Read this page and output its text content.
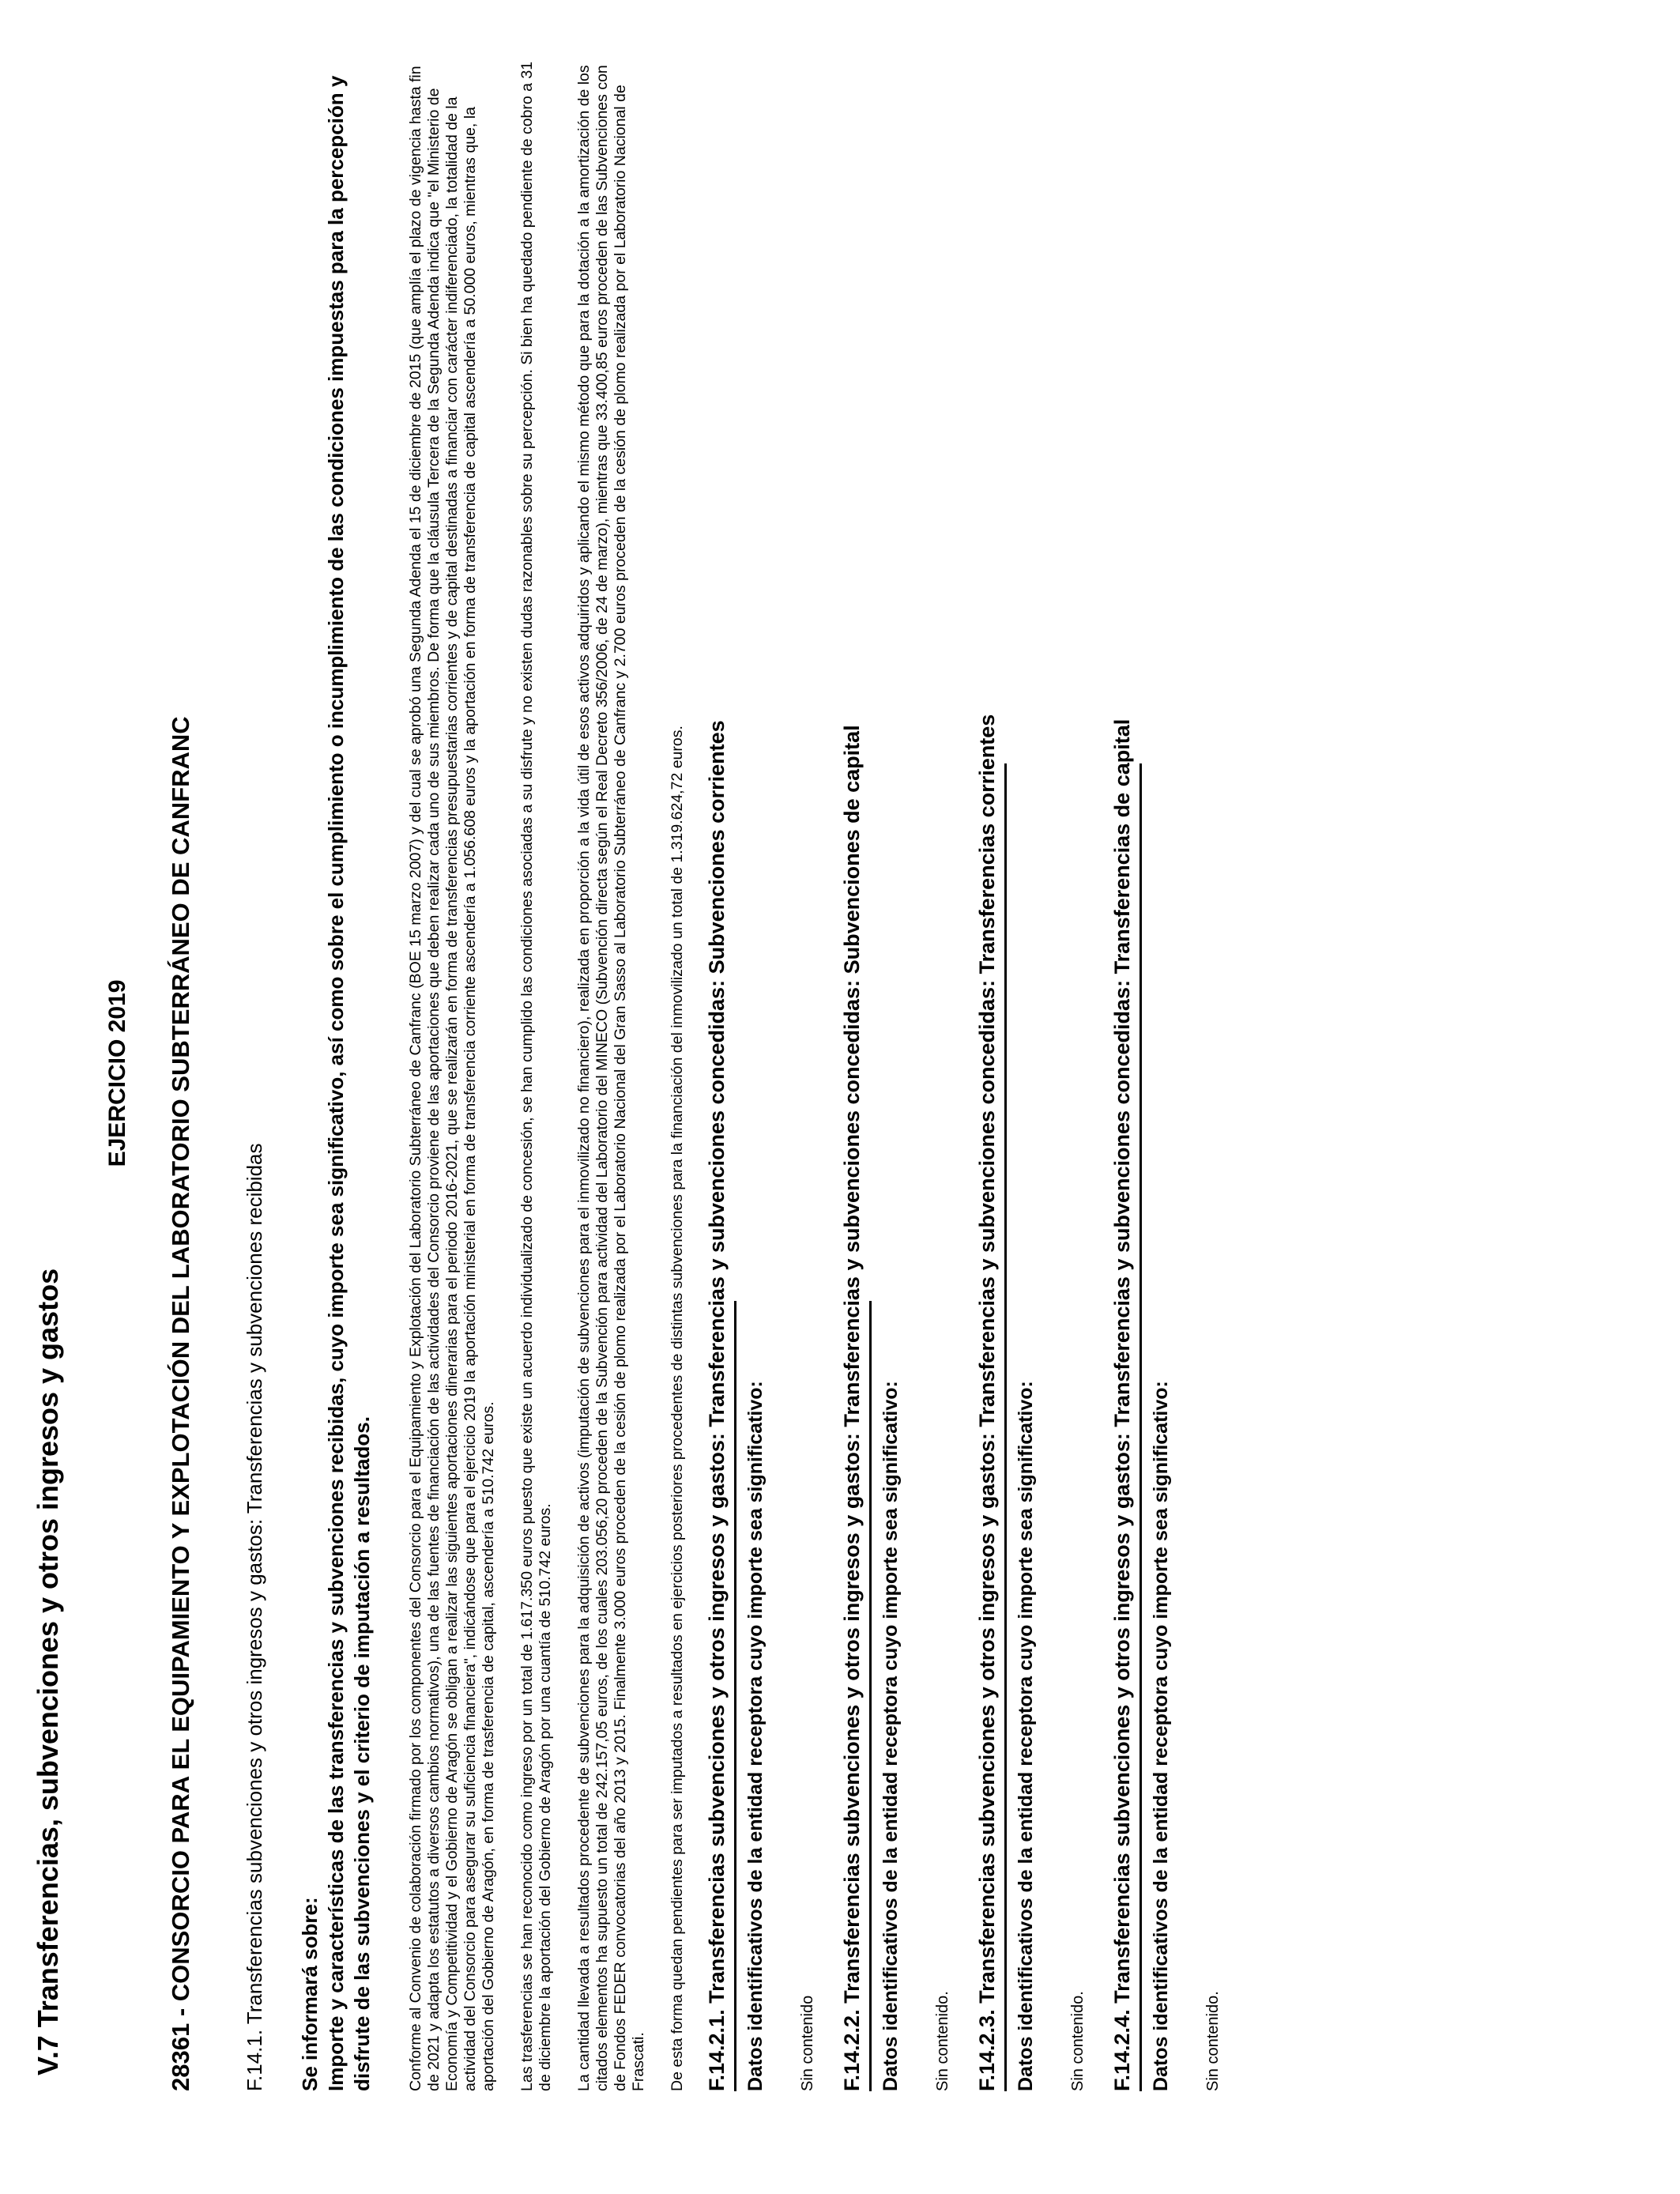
V.7 Transferencias, subvenciones y otros ingresos y gastos
EJERCICIO 2019 28361 - CONSORCIO PARA EL EQUIPAMIENTO Y EXPLOTACIÓN DEL LABORATORIO SUBTERRÁNEO DE CANFRANC F.14.1. Transferencias subvenciones y otros ingresos y gastos: Transferencias y subvenciones recibidas Se informará sobre: Importe y características de las transferencias y subvenciones recibidas, cuyo importe sea significativo, así como sobre el cumplimiento o incumplimiento de las condiciones impuestas para la percepción y disfrute de las subvenciones y el criterio de imputación a resultados. Conforme al Convenio de colaboración firmado por los componentes del Consorcio para el Equipamiento y Explotación del Laboratorio Subterráneo de Canfranc (BOE 15 marzo 2007) y del cual se aprobó una Segunda Adenda el 15 de diciembre de 2015 (que amplía el plazo de vigencia hasta fin de 2021 y adapta los estatutos a diversos cambios normativos), una de las fuentes de financiación de las actividades del Consorcio proviene de las aportaciones que deben realizar cada uno de sus miembros. De forma que la cláusula Tercera de la Segunda Adenda indica que "el Ministerio de Economía y Competitividad y el Gobierno de Aragón se obligan a realizar las siguientes aportaciones dinerarias para el periodo 2016-2021, que se realizarán en forma de transferencias presupuestarias corrientes y de capital destinadas a financiar con carácter indiferenciado, la totalidad de la actividad del Consorcio para asegurar su suficiencia financiera", indicándose que para el ejercicio 2019 la aportación ministerial en forma de transferencia corriente ascendería a 1.056.608 euros y la aportación en forma de transferencia de capital ascendería a 50.000 euros, mientras que, la aportación del Gobierno de Aragón, en forma de trasferencia de capital, ascendería a 510.742 euros. Las trasferencias se han reconocido como ingreso por un total de 1.617.350 euros puesto que existe un acuerdo individualizado de concesión, se han cumplido las condiciones asociadas a su disfrute y no existen dudas razonables sobre su percepción. Si bien ha quedado pendiente de cobro a 31 de diciembre la aportación del Gobierno de Aragón por una cuantía de 510.742 euros. La cantidad llevada a resultados procedente de subvenciones para la adquisición de activos (imputación de subvenciones para el inmovilizado no financiero), realizada en proporción a la vida útil de esos activos adquiridos y aplicando el mismo método que para la dotación a la amortización de los citados elementos ha supuesto un total de 242.157,05 euros, de los cuales 203.056,20 proceden de la Subvención para actividad del Laboratorio del MINECO (Subvención directa según el Real Decreto 356/2006, de 24 de marzo), mientras que 33.400,85 euros proceden de las Subvenciones con de Fondos FEDER convocatorias del año 2013 y 2015. Finalmente 3.000 euros proceden de la cesión de plomo realizada por el Laboratorio Nacional del Gran Sasso al Laboratorio Subterráneo de Canfranc y 2.700 euros proceden de la cesión de plomo realizada por el Laboratorio Nacional de Frascati. De esta forma quedan pendientes para ser imputados a resultados en ejercicios posteriores procedentes de distintas subvenciones para la financiación del inmovilizado un total de 1.319.624,72 euros. F.14.2.1. Transferencias subvenciones y otros ingresos y gastos: Transferencias y subvenciones concedidas: Subvenciones corrientes Datos identificativos de la entidad receptora cuyo importe sea significativo: Sin contenido F.14.2.2. Transferencias subvenciones y otros ingresos y gastos: Transferencias y subvenciones concedidas: Subvenciones de capital Datos identificativos de la entidad receptora cuyo importe sea significativo: Sin contenido. F.14.2.3. Transferencias subvenciones y otros ingresos y gastos: Transferencias y subvenciones concedidas: Transferencias corrientes Datos identificativos de la entidad receptora cuyo importe sea significativo: Sin contenido. F.14.2.4. Transferencias subvenciones y otros ingresos y gastos: Transferencias y subvenciones concedidas: Transferencias de capital Datos identificativos de la entidad receptora cuyo importe sea significativo: Sin contenido.
